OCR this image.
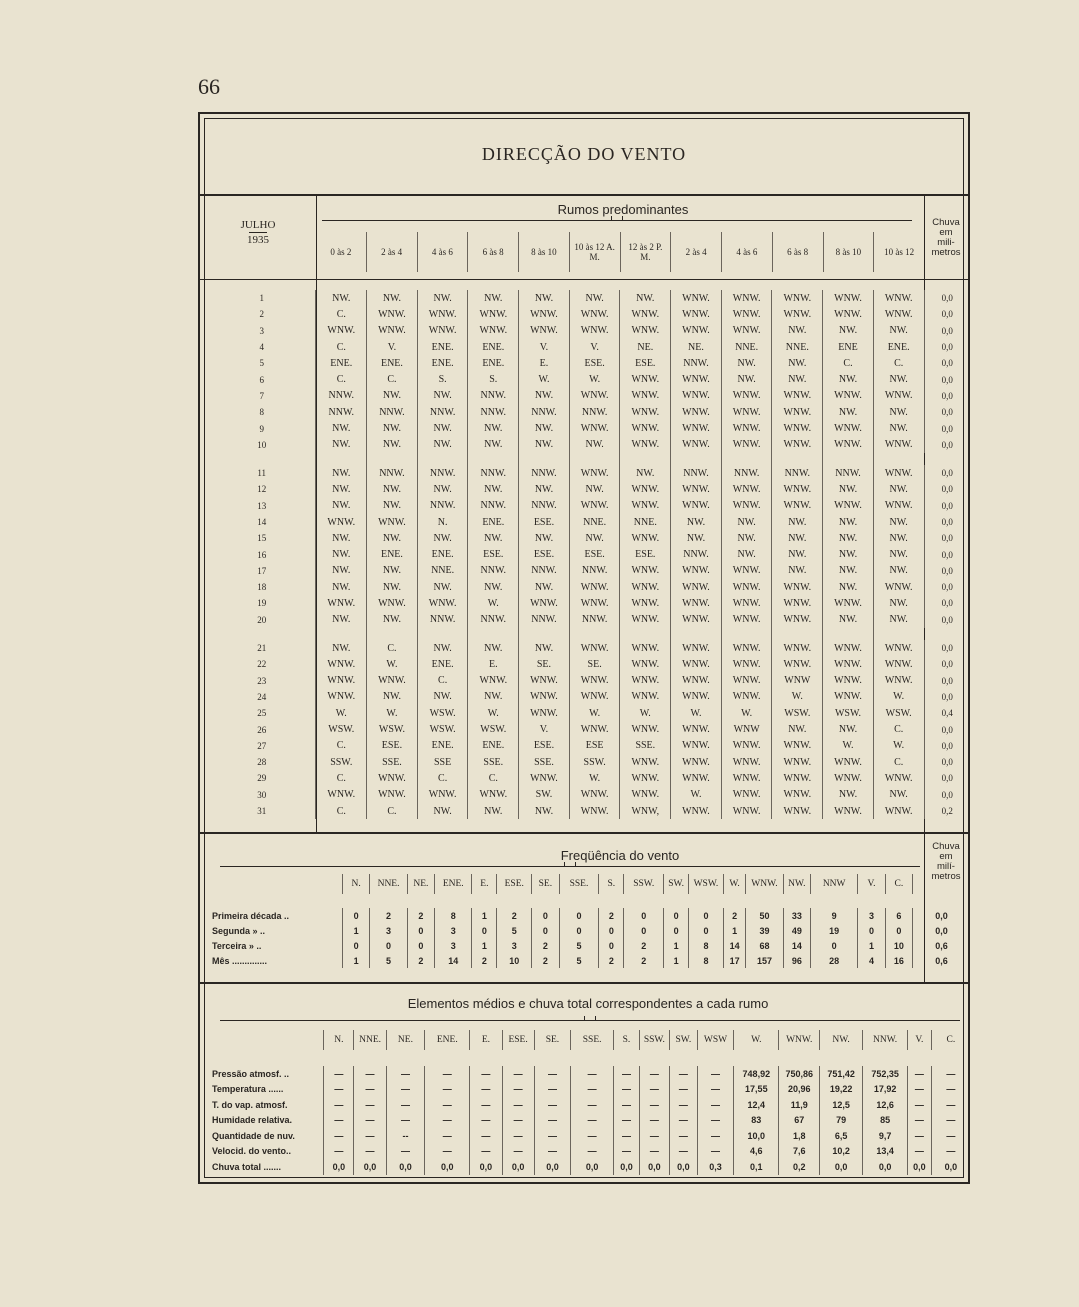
66
DIRECÇÃO DO VENTO
Rumos predominantes
JULHO
1935
Chuva
em
mili-
metros
0 às 2	2 às 4	4 às 6	6 às 8	8 às 10	10 às 12 A. M.
12 às 2 P. M.	2 às 4	4 às 6	6 às 8	8 às 10	10 às 12
1	NW.	NW.	NW.	NW.	NW.	NW.	NW.	WNW.	WNW.	WNW.	WNW.	WNW.	0,0
2	C.	WNW.	WNW.	WNW.	WNW.	WNW.	WNW.	WNW.	WNW.	WNW.	WNW.	WNW.	0,0
3	WNW.	WNW.	WNW.	WNW.	WNW.	WNW.	WNW.	WNW.	WNW.	NW.	NW.	NW.	0,0
4	C.	V.	ENE.	ENE.	V.	V.	NE.	NE.	NNE.	NNE.	ENE	ENE.	0,0
5	ENE.	ENE.	ENE.	ENE.	E.	ESE.	ESE.	NNW.	NW.	NW.	C.	C.	0,0
6	C.	C.	S.	S.	W.	W.	WNW.	WNW.	NW.	NW.	NW.	NW.	0,0
7	NNW.	NW.	NW.	NNW.	NW.	WNW.	WNW.	WNW.	WNW.	WNW.	WNW.	WNW.	0,0
8	NNW.	NNW.	NNW.	NNW.	NNW.	NNW.	WNW.	WNW.	WNW.	WNW.	NW.	NW.	0,0
9	NW.	NW.	NW.	NW.	NW.	WNW.	WNW.	WNW.	WNW.	WNW.	WNW.	NW.	0,0
10	NW.	NW.	NW.	NW.	NW.	NW.	WNW.	WNW.	WNW.	WNW.	WNW.	WNW.	0,0

11	NW.	NNW.	NNW.	NNW.	NNW.	WNW.	NW.	NNW.	NNW.	NNW.	NNW.	WNW.	0,0
12	NW.	NW.	NW.	NW.	NW.	NW.	WNW.	WNW.	WNW.	WNW.	NW.	NW.	0,0
13	NW.	NW.	NNW.	NNW.	NNW.	WNW.	WNW.	WNW.	WNW.	WNW.	WNW.	WNW.	0,0
14	WNW.	WNW.	N.	ENE.	ESE.	NNE.	NNE.	NW.	NW.	NW.	NW.	NW.	0,0
15	NW.	NW.	NW.	NW.	NW.	NW.	WNW.	NW.	NW.	NW.	NW.	NW.	0,0
16	NW.	ENE.	ENE.	ESE.	ESE.	ESE.	ESE.	NNW.	NW.	NW.	NW.	NW.	0,0
17	NW.	NW.	NNE.	NNW.	NNW.	NNW.	WNW.	WNW.	WNW.	NW.	NW.	NW.	0,0
18	NW.	NW.	NW.	NW.	NW.	WNW.	WNW.	WNW.	WNW.	WNW.	NW.	WNW.	0,0
19	WNW.	WNW.	WNW.	W.	WNW.	WNW.	WNW.	WNW.	WNW.	WNW.	WNW.	NW.	0,0
20	NW.	NW.	NNW.	NNW.	NNW.	NNW.	WNW.	WNW.	WNW.	WNW.	NW.	NW.	0,0

21	NW.	C.	NW.	NW.	NW.	WNW.	WNW.	WNW.	WNW.	WNW.	WNW.	WNW.	0,0
22	WNW.	W.	ENE.	E.	SE.	SE.	WNW.	WNW.	WNW.	WNW.	WNW.	WNW.	0,0
23	WNW.	WNW.	C.	WNW.	WNW.	WNW.	WNW.	WNW.	WNW.	WNW	WNW.	WNW.	0,0
24	WNW.	NW.	NW.	NW.	WNW.	WNW.	WNW.	WNW.	WNW.	W.	WNW.	W.	0,0
25	W.	W.	WSW.	W.	WNW.	W.	W.	W.	W.	WSW.	WSW.	WSW.	0,4
26	WSW.	WSW.	WSW.	WSW.	V.	WNW.	WNW.	WNW.	WNW	NW.	NW.	C.	0,0
27	C.	ESE.	ENE.	ENE.	ESE.	ESE	SSE.	WNW.	WNW.	WNW.	W.	W.	0,0
28	SSW.	SSE.	SSE	SSE.	SSE.	SSW.	WNW.	WNW.	WNW.	WNW.	WNW.	C.	0,0
29	C.	WNW.	C.	C.	WNW.	W.	WNW.	WNW.	WNW.	WNW.	WNW.	WNW.	0,0
30	WNW.	WNW.	WNW.	WNW.	SW.	WNW.	WNW.	W.	WNW.	WNW.	NW.	NW.	0,0
31	C.	C.	NW.	NW.	NW.	WNW.	WNW,	WNW.	WNW.	WNW.	WNW.	WNW.	0,2
Freqüência do vento
Chuva
em
milí-
metros
	N.	NNE.	NE.	ENE.	E.	ESE.	SE.	SSE.	S.	SSW.	SW.	WSW.	W.	WNW.	NW.	NNW	V.	C.	

Primeira década ..	0	2	2	8	1	2	0	0	2	0	0	0	2	50	33	9	3	6	0,0
Segunda » ..	1	3	0	3	0	5	0	0	0	0	0	0	1	39	49	19	0	0	0,0
Terceira » ..	0	0	0	3	1	3	2	5	0	2	1	8	14	68	14	0	1	10	0,6
Mês ..............	1	5	2	14	2	10	2	5	2	2	1	8	17	157	96	28	4	16	0,6
Elementos médios e chuva total correspondentes a cada rumo
	N.	NNE.	NE.	ENE.	E.	ESE.	SE.	SSE.	S.	SSW.	SW.	WSW	W.	WNW.	NW.	NNW.	V.	C.

Pressão atmosf. ..	—	—	—	—	—	—	—	—	—	—	—	—	748,92	750,86	751,42	752,35	—	—
Temperatura ......	—	—	—	—	—	—	—	—	—	—	—	—	17,55	20,96	19,22	17,92	—	—
T. do vap. atmosf.	—	—	—	—	—	—	—	—	—	—	—	—	12,4	11,9	12,5	12,6	—	—
Humidade relativa.	—	—	—	—	—	—	—	—	—	—	—	—	83	67	79	85	—	—
Quantidade de nuv.	—	—	--	—	—	—	—	—	—	—	—	—	10,0	1,8	6,5	9,7	—	—
Velocid. do vento..	—	—	—	—	—	—	—	—	—	—	—	—	4,6	7,6	10,2	13,4	—	—
Chuva total .......	0,0	0,0	0,0	0,0	0,0	0,0	0,0	0,0	0,0	0,0	0,0	0,3	0,1	0,2	0,0	0,0	0,0	0,0
